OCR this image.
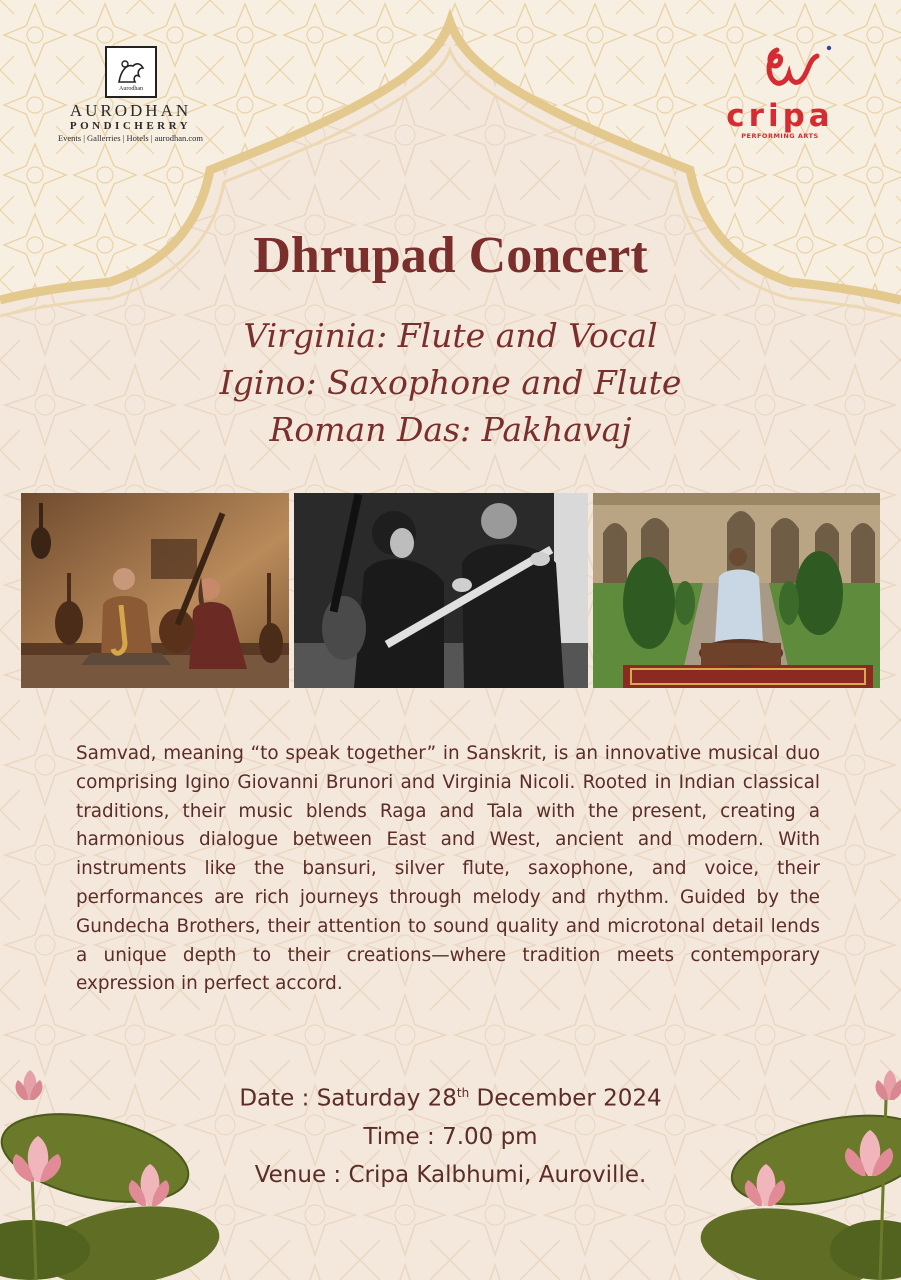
Aurodhan
AURODHAN
PONDICHERRY
Events | Gallerries | Hotels | aurodhan.com
cripa
PERFORMING ARTS
Dhrupad Concert
Virginia: Flute and Vocal
Igino: Saxophone and Flute
Roman Das: Pakhavaj
Samvad, meaning “to speak together” in Sanskrit, is an innovative musical duo comprising Igino Giovanni Brunori and Virginia Nicoli. Rooted in Indian classical traditions, their music blends Raga and Tala with the present, creating a harmonious dialogue between East and West, ancient and modern. With instruments like the bansuri, silver flute, saxophone, and voice, their performances are rich journeys through melody and rhythm. Guided by the Gundecha Brothers, their attention to sound quality and microtonal detail lends a unique depth to their creations—where tradition meets contemporary expression in perfect accord.
Date : Saturday 28th December 2024
Time : 7.00 pm
Venue : Cripa Kalbhumi, Auroville.
